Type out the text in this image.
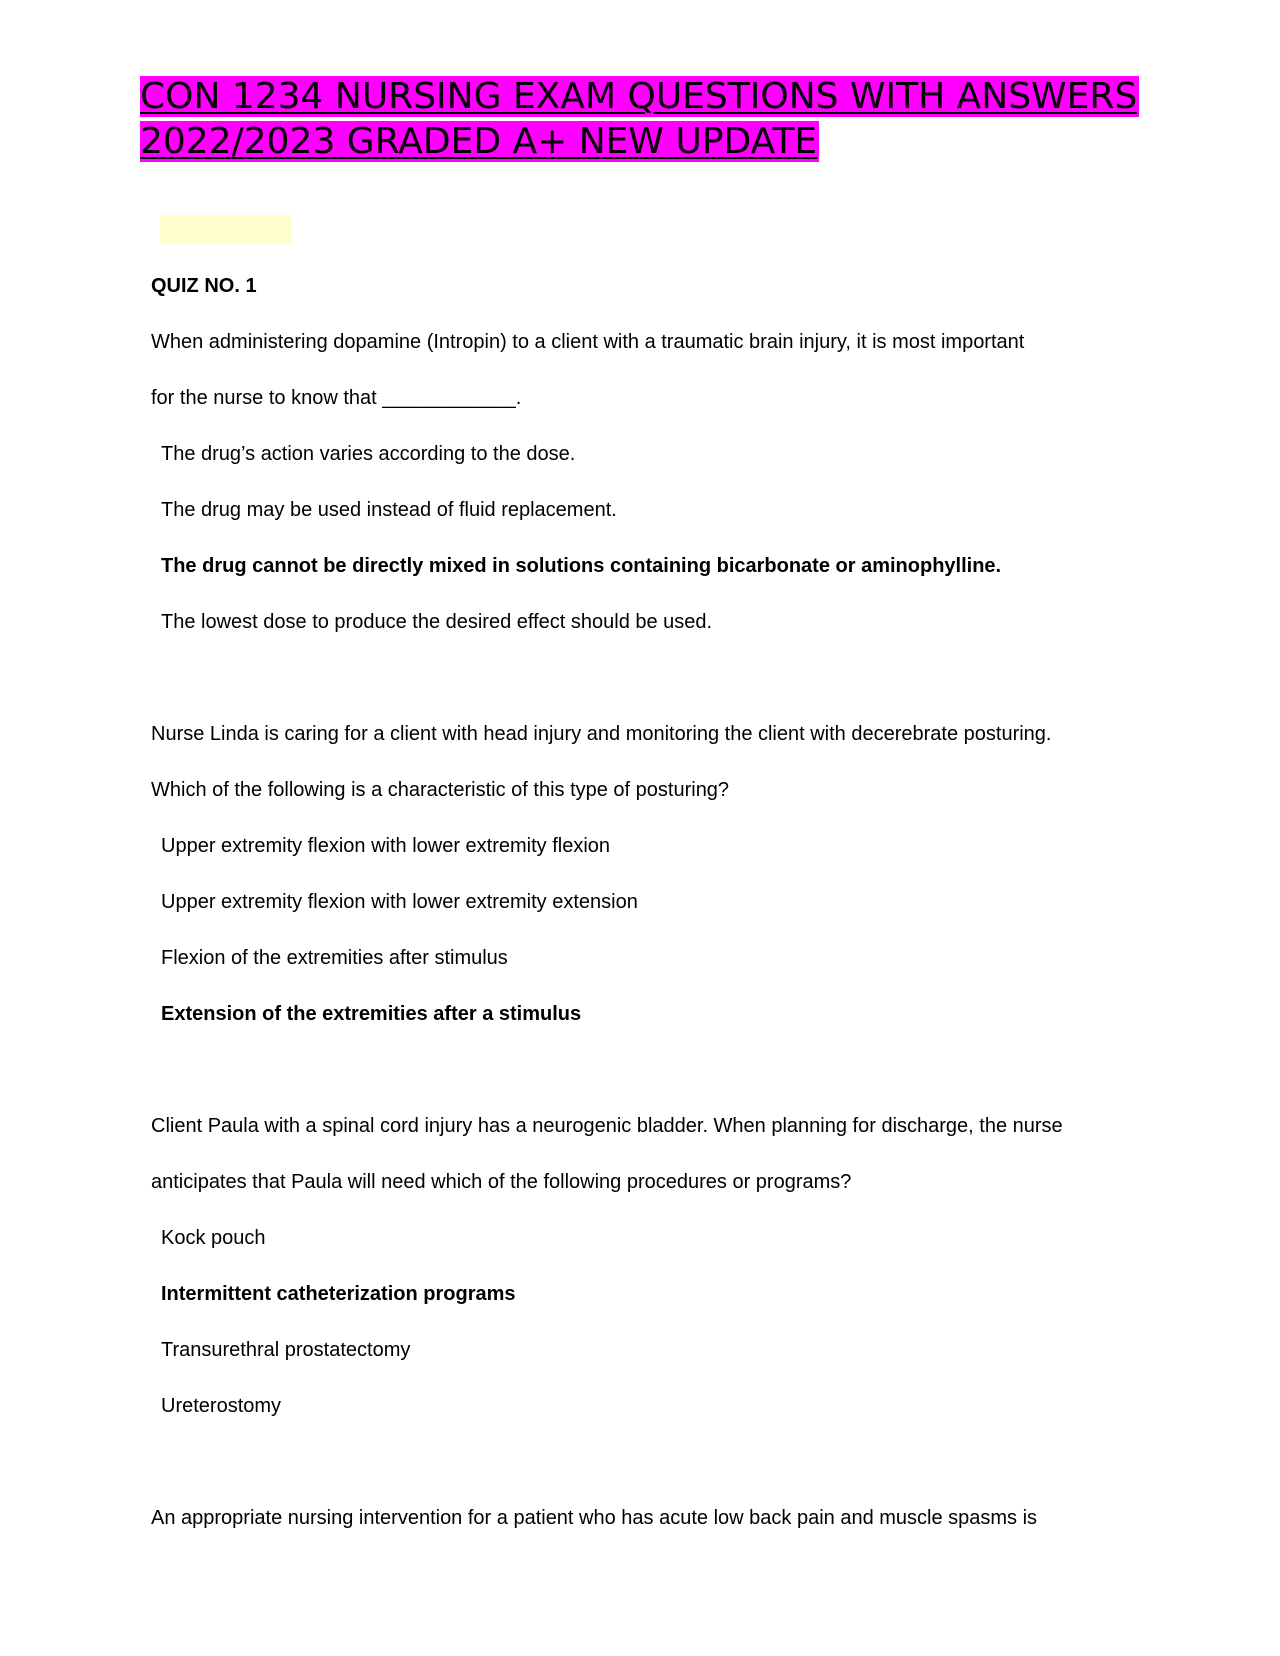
CON 1234 NURSING EXAM QUESTIONS WITH ANSWERS 2022/2023 GRADED A+ NEW UPDATE

QUIZ NO. 1

When administering dopamine (Intropin) to a client with a traumatic brain injury, it is most important

for the nurse to know that ____________.

The drug’s action varies according to the dose.

The drug may be used instead of fluid replacement.

The drug cannot be directly mixed in solutions containing bicarbonate or aminophylline.

The lowest dose to produce the desired effect should be used.

Nurse Linda is caring for a client with head injury and monitoring the client with decerebrate posturing.

Which of the following is a characteristic of this type of posturing?

Upper extremity flexion with lower extremity flexion

Upper extremity flexion with lower extremity extension

Flexion of the extremities after stimulus

Extension of the extremities after a stimulus

Client Paula with a spinal cord injury has a neurogenic bladder. When planning for discharge, the nurse

anticipates that Paula will need which of the following procedures or programs?

Kock pouch

Intermittent catheterization programs

Transurethral prostatectomy

Ureterostomy

An appropriate nursing intervention for a patient who has acute low back pain and muscle spasms is
